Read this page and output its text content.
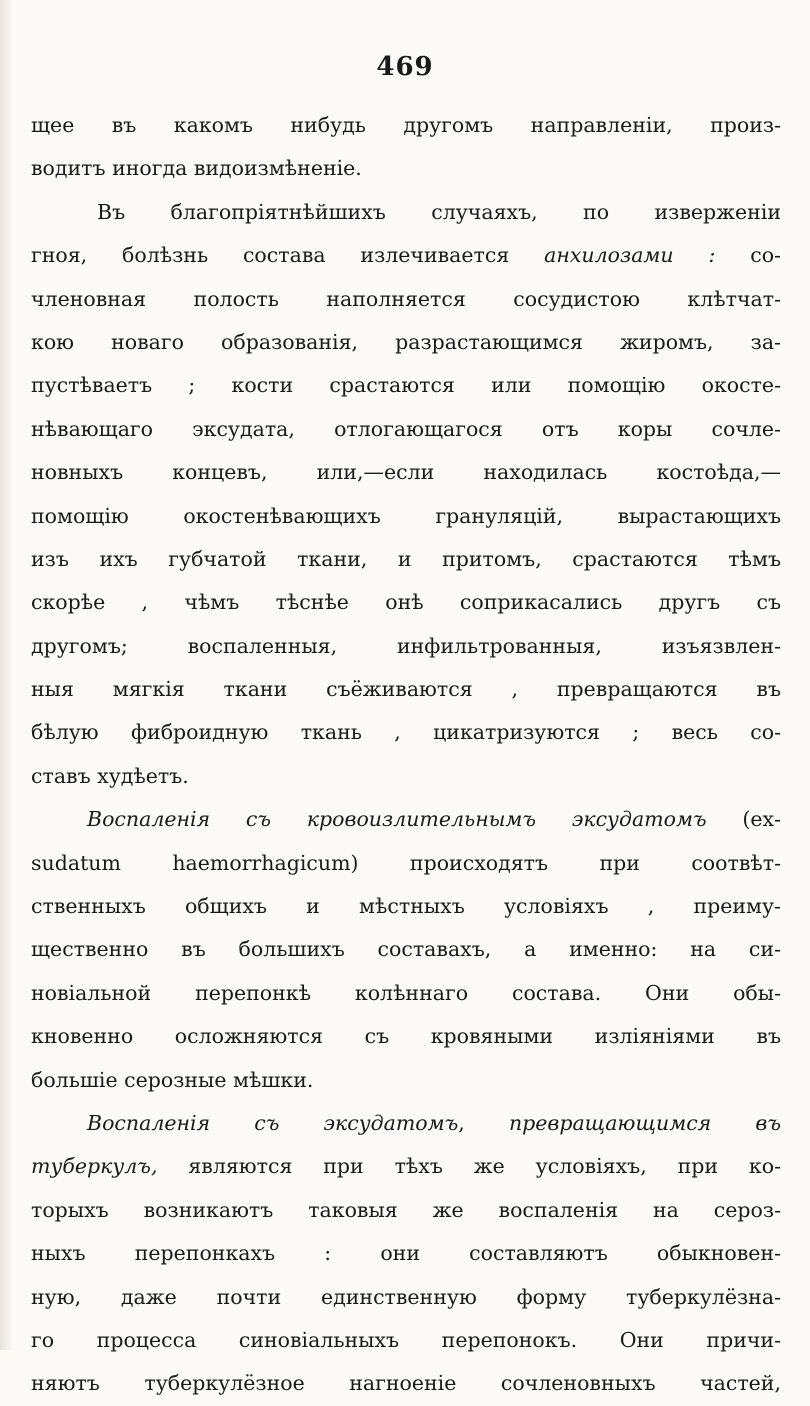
469
щее въ какомъ нибудь другомъ направленіи, произ-
водитъ иногда видоизмѣненіе.
Въ благопріятнѣйшихъ случаяхъ, по изверженіи
гноя, болѣзнь состава излечивается анхилозами : со-
членовная полость наполняется сосудистою клѣтчат-
кою новаго образованія, разрастающимся жиромъ, за-
пустѣваетъ ; кости срастаются или помощію окосте-
нѣвающаго эксудата, отлогающагося отъ коры сочле-
новныхъ концевъ, или,—если находилась костоѣда,—
помощію окостенѣвающихъ грануляцій, вырастающихъ
изъ ихъ губчатой ткани, и притомъ, срастаются тѣмъ
скорѣе , чѣмъ тѣснѣе онѣ соприкасались другъ съ
другомъ; воспаленныя, инфильтрованныя, изъязвлен-
ныя мягкія ткани съёживаются , превращаются въ
бѣлую фиброидную ткань , цикатризуются ; весь со-
ставъ худѣетъ.
Воспаленія съ кровоизлительнымъ эксудатомъ (ех-
sudatum haemorrhagicum) происходятъ при соотвѣт-
ственныхъ общихъ и мѣстныхъ условіяхъ , преиму-
щественно въ большихъ составахъ, а именно: на си-
новіальной перепонкѣ колѣннаго состава. Они обы-
кновенно осложняются съ кровяными изліяніями въ
большіе серозные мѣшки.
Воспаленія съ эксудатомъ, превращающимся въ
туберкулъ, являются при тѣхъ же условіяхъ, при ко-
торыхъ возникаютъ таковыя же воспаленія на сероз-
ныхъ перепонкахъ : они составляютъ обыкновен-
ную, даже почти единственную форму туберкулёзна-
го процесса синовіальныхъ перепонокъ. Они причи-
няютъ туберкулёзное нагноеніе сочленовныхъ частей,
